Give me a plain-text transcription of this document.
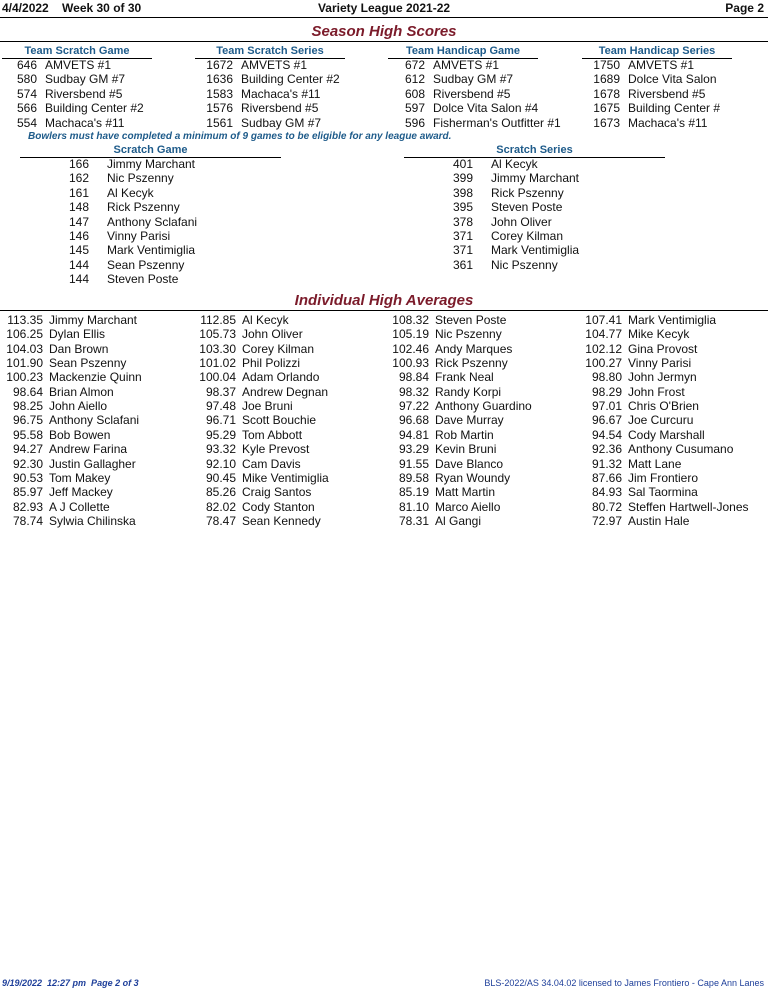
4/4/2022    Week 30 of 30	Variety League 2021-22	Page 2
Season High Scores
Team Scratch Game
646 AMVETS #1
580 Sudbay GM #7
574 Riversbend #5
566 Building Center #2
554 Machaca's #11
Team Scratch Series
1672 AMVETS #1
1636 Building Center #2
1583 Machaca's #11
1576 Riversbend #5
1561 Sudbay GM #7
Team Handicap Game
672 AMVETS #1
612 Sudbay GM #7
608 Riversbend #5
597 Dolce Vita Salon #4
596 Fisherman's Outfitter #1
Team Handicap Series
1750 AMVETS #1
1689 Dolce Vita Salon
1678 Riversbend #5
1675 Building Center #
1673 Machaca's #11
Bowlers must have completed a minimum of 9 games to be eligible for any league award.
Scratch Game
166 Jimmy Marchant
162 Nic Pszenny
161 Al Kecyk
148 Rick Pszenny
147 Anthony Sclafani
146 Vinny Parisi
145 Mark Ventimiglia
144 Sean Pszenny
144 Steven Poste
Scratch Series
401 Al Kecyk
399 Jimmy Marchant
398 Rick Pszenny
395 Steven Poste
378 John Oliver
371 Corey Kilman
371 Mark Ventimiglia
361 Nic Pszenny
Individual High Averages
113.35 Jimmy Marchant
106.25 Dylan Ellis
104.03 Dan Brown
101.90 Sean Pszenny
100.23 Mackenzie Quinn
98.64 Brian Almon
98.25 John Aiello
96.75 Anthony Sclafani
95.58 Bob Bowen
94.27 Andrew Farina
92.30 Justin Gallagher
90.53 Tom Makey
85.97 Jeff Mackey
82.93 A J Collette
78.74 Sylwia Chilinska
112.85 Al Kecyk
105.73 John Oliver
103.30 Corey Kilman
101.02 Phil Polizzi
100.04 Adam Orlando
98.37 Andrew Degnan
97.48 Joe Bruni
96.71 Scott Bouchie
95.29 Tom Abbott
93.32 Kyle Prevost
92.10 Cam Davis
90.45 Mike Ventimiglia
85.26 Craig Santos
82.02 Cody Stanton
78.47 Sean Kennedy
108.32 Steven Poste
105.19 Nic Pszenny
102.46 Andy Marques
100.93 Rick Pszenny
98.84 Frank Neal
98.32 Randy Korpi
97.22 Anthony Guardino
96.68 Dave Murray
94.81 Rob Martin
93.29 Kevin Bruni
91.55 Dave Blanco
89.58 Ryan Woundy
85.19 Matt Martin
81.10 Marco Aiello
78.31 Al Gangi
107.41 Mark Ventimiglia
104.77 Mike Kecyk
102.12 Gina Provost
100.27 Vinny Parisi
98.80 John Jermyn
98.29 John Frost
97.01 Chris O'Brien
96.67 Joe Curcuru
94.54 Cody Marshall
92.36 Anthony Cusumano
91.32 Matt Lane
87.66 Jim Frontiero
84.93 Sal Taormina
80.72 Steffen Hartwell-Jones
72.97 Austin Hale
9/19/2022  12:27 pm  Page 2 of 3	BLS-2022/AS 34.04.02 licensed to James Frontiero - Cape Ann Lanes
